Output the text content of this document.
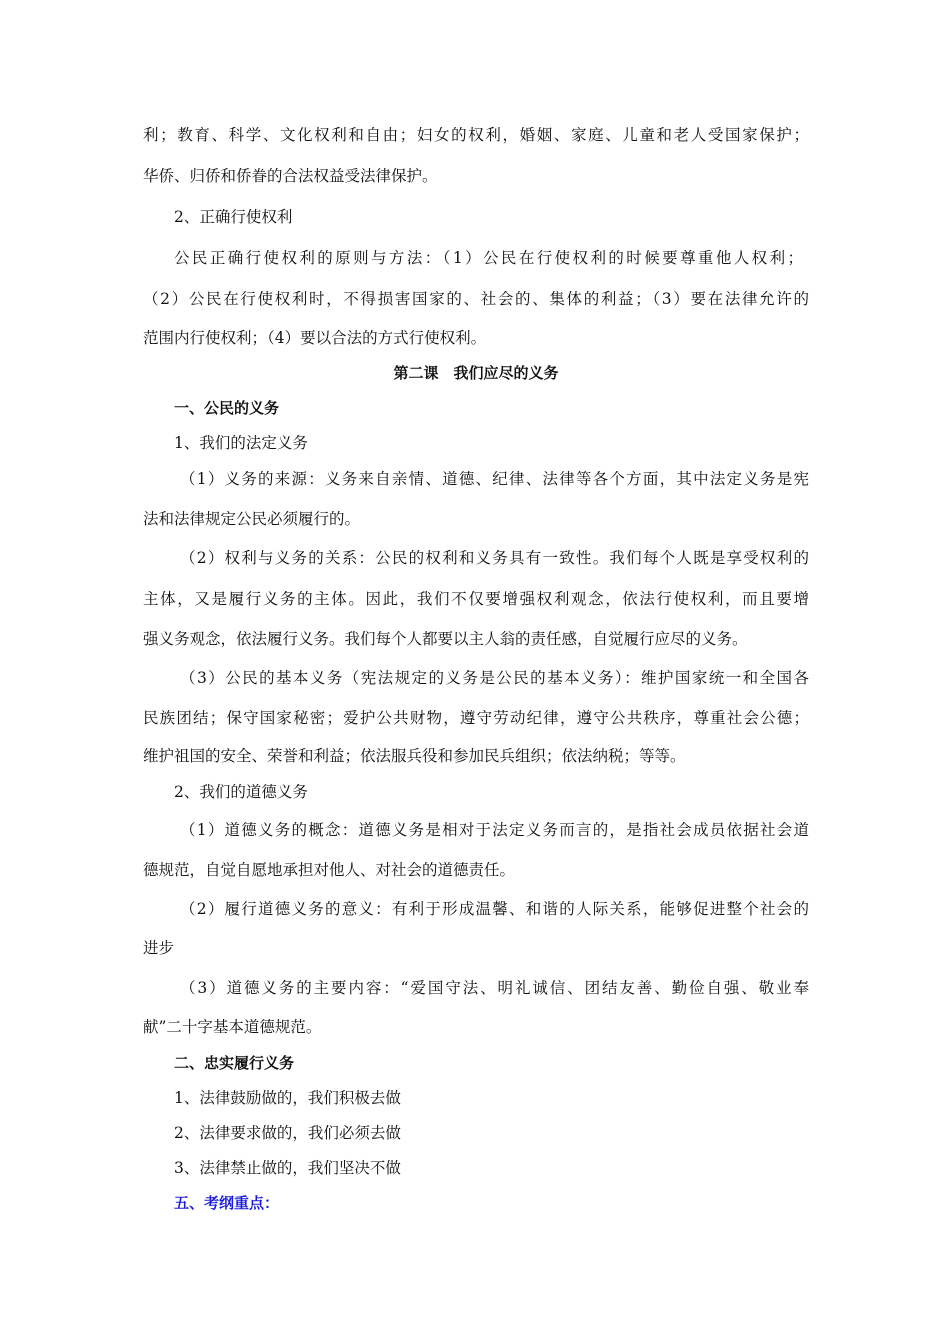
利；教育、科学、文化权利和自由；妇女的权利，婚姻、家庭、儿童和老人受国家保护；
华侨、归侨和侨眷的合法权益受法律保护。
2、正确行使权利
公民正确行使权利的原则与方法：（1）公民在行使权利的时候要尊重他人权利；
（2）公民在行使权利时，不得损害国家的、社会的、集体的利益；（3）要在法律允许的
范围内行使权利；（4）要以合法的方式行使权利。
第二课　我们应尽的义务
一、公民的义务
1、我们的法定义务
（1）义务的来源：义务来自亲情、道德、纪律、法律等各个方面，其中法定义务是宪
法和法律规定公民必须履行的。
（2）权利与义务的关系：公民的权利和义务具有一致性。我们每个人既是享受权利的
主体，又是履行义务的主体。因此，我们不仅要增强权利观念，依法行使权利，而且要增
强义务观念，依法履行义务。我们每个人都要以主人翁的责任感，自觉履行应尽的义务。
（3）公民的基本义务（宪法规定的义务是公民的基本义务）：维护国家统一和全国各
民族团结；保守国家秘密；爱护公共财物，遵守劳动纪律，遵守公共秩序，尊重社会公德；
维护祖国的安全、荣誉和利益；依法服兵役和参加民兵组织；依法纳税；等等。
2、我们的道德义务
（1）道德义务的概念：道德义务是相对于法定义务而言的，是指社会成员依据社会道
德规范，自觉自愿地承担对他人、对社会的道德责任。
（2）履行道德义务的意义：有利于形成温馨、和谐的人际关系，能够促进整个社会的
进步
（3）道德义务的主要内容：“爱国守法、明礼诚信、团结友善、勤俭自强、敬业奉
献”二十字基本道德规范。
二、忠实履行义务
1、法律鼓励做的，我们积极去做
2、法律要求做的，我们必须去做
3、法律禁止做的，我们坚决不做
五、考纲重点：
